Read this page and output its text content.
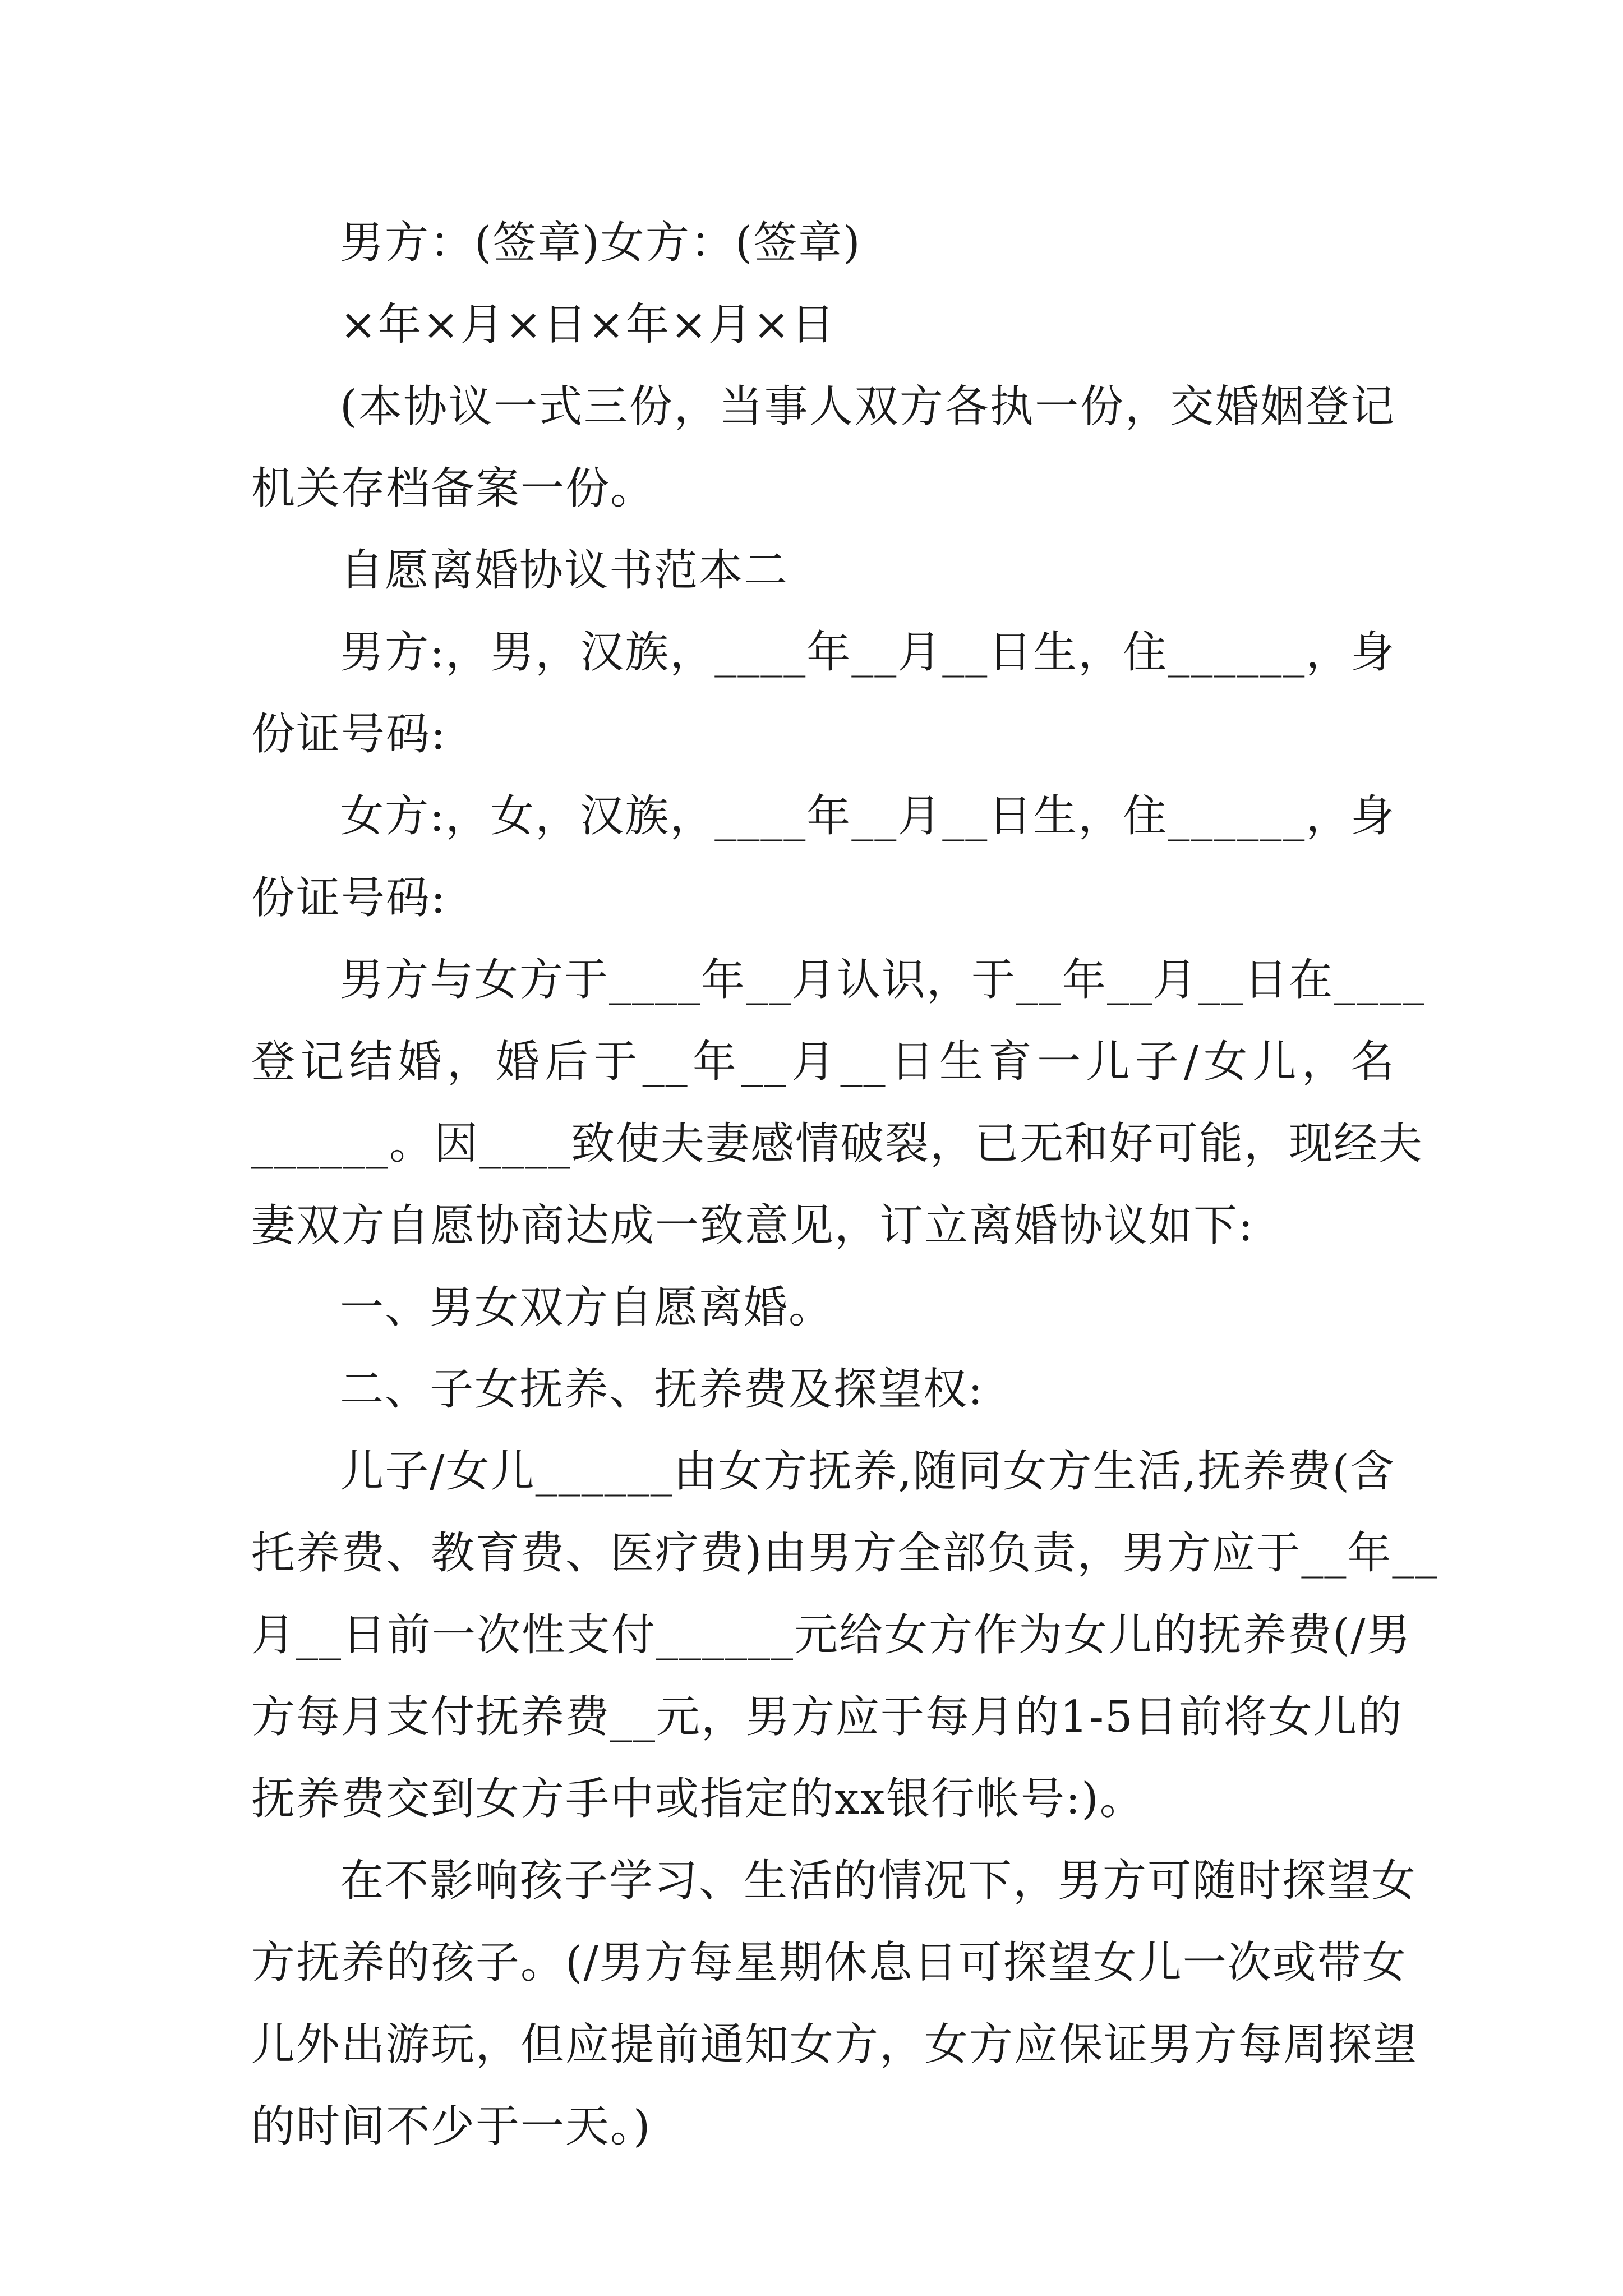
男方：(签章)女方：(签章)
×年×月×日×年×月×日
(本协议一式三份，当事人双方各执一份，交婚姻登记
机关存档备案一份。
自愿离婚协议书范本二
男方:，男，汉族，____年__月__日生，住______，身
份证号码:
女方:，女，汉族，____年__月__日生，住______，身
份证号码:
男方与女方于____年__月认识，于__年__月__日在____
登记结婚，婚后于__年__月__日生育一儿子/女儿，名
______。因____致使夫妻感情破裂，已无和好可能，现经夫
妻双方自愿协商达成一致意见，订立离婚协议如下:
一、男女双方自愿离婚。
二、子女抚养、抚养费及探望权:
儿子/女儿______由女方抚养,随同女方生活,抚养费(含
托养费、教育费、医疗费)由男方全部负责，男方应于__年__
月__日前一次性支付______元给女方作为女儿的抚养费(/男
方每月支付抚养费__元，男方应于每月的1-5日前将女儿的
抚养费交到女方手中或指定的xx银行帐号:)。
在不影响孩子学习、生活的情况下，男方可随时探望女
方抚养的孩子。(/男方每星期休息日可探望女儿一次或带女
儿外出游玩，但应提前通知女方，女方应保证男方每周探望
的时间不少于一天。)
